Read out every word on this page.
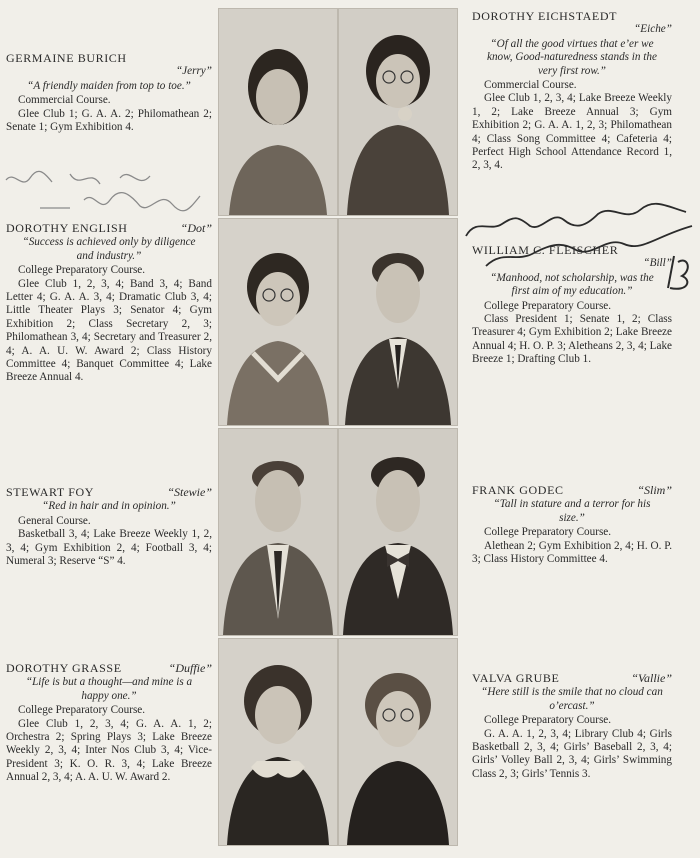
GERMAINE BURICH
“Jerry”
“A friendly maiden from top to toe.”
Commercial Course.
Glee Club 1; G. A. A. 2; Philomathean 2; Senate 1; Gym Exhibition 4.
DOROTHY ENGLISH	“Dot”
“Success is achieved only by diligence and industry.”
College Preparatory Course.
Glee Club 1, 2, 3, 4; Band 3, 4; Band Letter 4; G. A. A. 3, 4; Dramatic Club 3, 4; Little Theater Plays 3; Senator 4; Gym Exhibition 2; Class Secretary 2, 3; Philomathean 3, 4; Secretary and Treasurer 2, 4; A. A. U. W. Award 2; Class History Committee 4; Banquet Committee 4; Lake Breeze Annual 4.
STEWART FOY	“Stewie”
“Red in hair and in opinion.”
General Course.
Basketball 3, 4; Lake Breeze Weekly 1, 2, 3, 4; Gym Exhibition 2, 4; Football 3, 4; Numeral 3; Reserve “S” 4.
DOROTHY GRASSE	“Duffie”
“Life is but a thought—and mine is a happy one.”
College Preparatory Course.
Glee Club 1, 2, 3, 4; G. A. A. 1, 2; Orchestra 2; Spring Plays 3; Lake Breeze Weekly 2, 3, 4; Inter Nos Club 3, 4; Vice-President 3; K. O. R. 3, 4; Lake Breeze Annual 2, 3, 4; A. A. U. W. Award 2.
DOROTHY EICHSTAEDT
“Eiche”
“Of all the good virtues that e’er we know, Good-naturedness stands in the very first row.”
Commercial Course.
Glee Club 1, 2, 3, 4; Lake Breeze Weekly 1, 2; Lake Breeze Annual 3; Gym Exhibition 2; G. A. A. 1, 2, 3; Philomathean 4; Class Song Committee 4; Cafeteria 4; Perfect High School Attendance Record 1, 2, 3, 4.
WILLIAM C. FLEISCHER
“Bill”
“Manhood, not scholarship, was the first aim of my education.”
College Preparatory Course.
Class President 1; Senate 1, 2; Class Treasurer 4; Gym Exhibition 2; Lake Breeze Annual 4; H. O. P. 3; Aletheans 2, 3, 4; Lake Breeze 1; Drafting Club 1.
FRANK GODEC	“Slim”
“Tall in stature and a terror for his size.”
College Preparatory Course.
Alethean 2; Gym Exhibition 2, 4; H. O. P. 3; Class History Committee 4.
VALVA GRUBE	“Vallie”
“Here still is the smile that no cloud can o’ercast.”
College Preparatory Course.
G. A. A. 1, 2, 3, 4; Library Club 4; Girls Basketball 2, 3, 4; Girls’ Baseball 2, 3, 4; Girls’ Volley Ball 2, 3, 4; Girls’ Swimming Class 2, 3; Girls’ Tennis 3.
